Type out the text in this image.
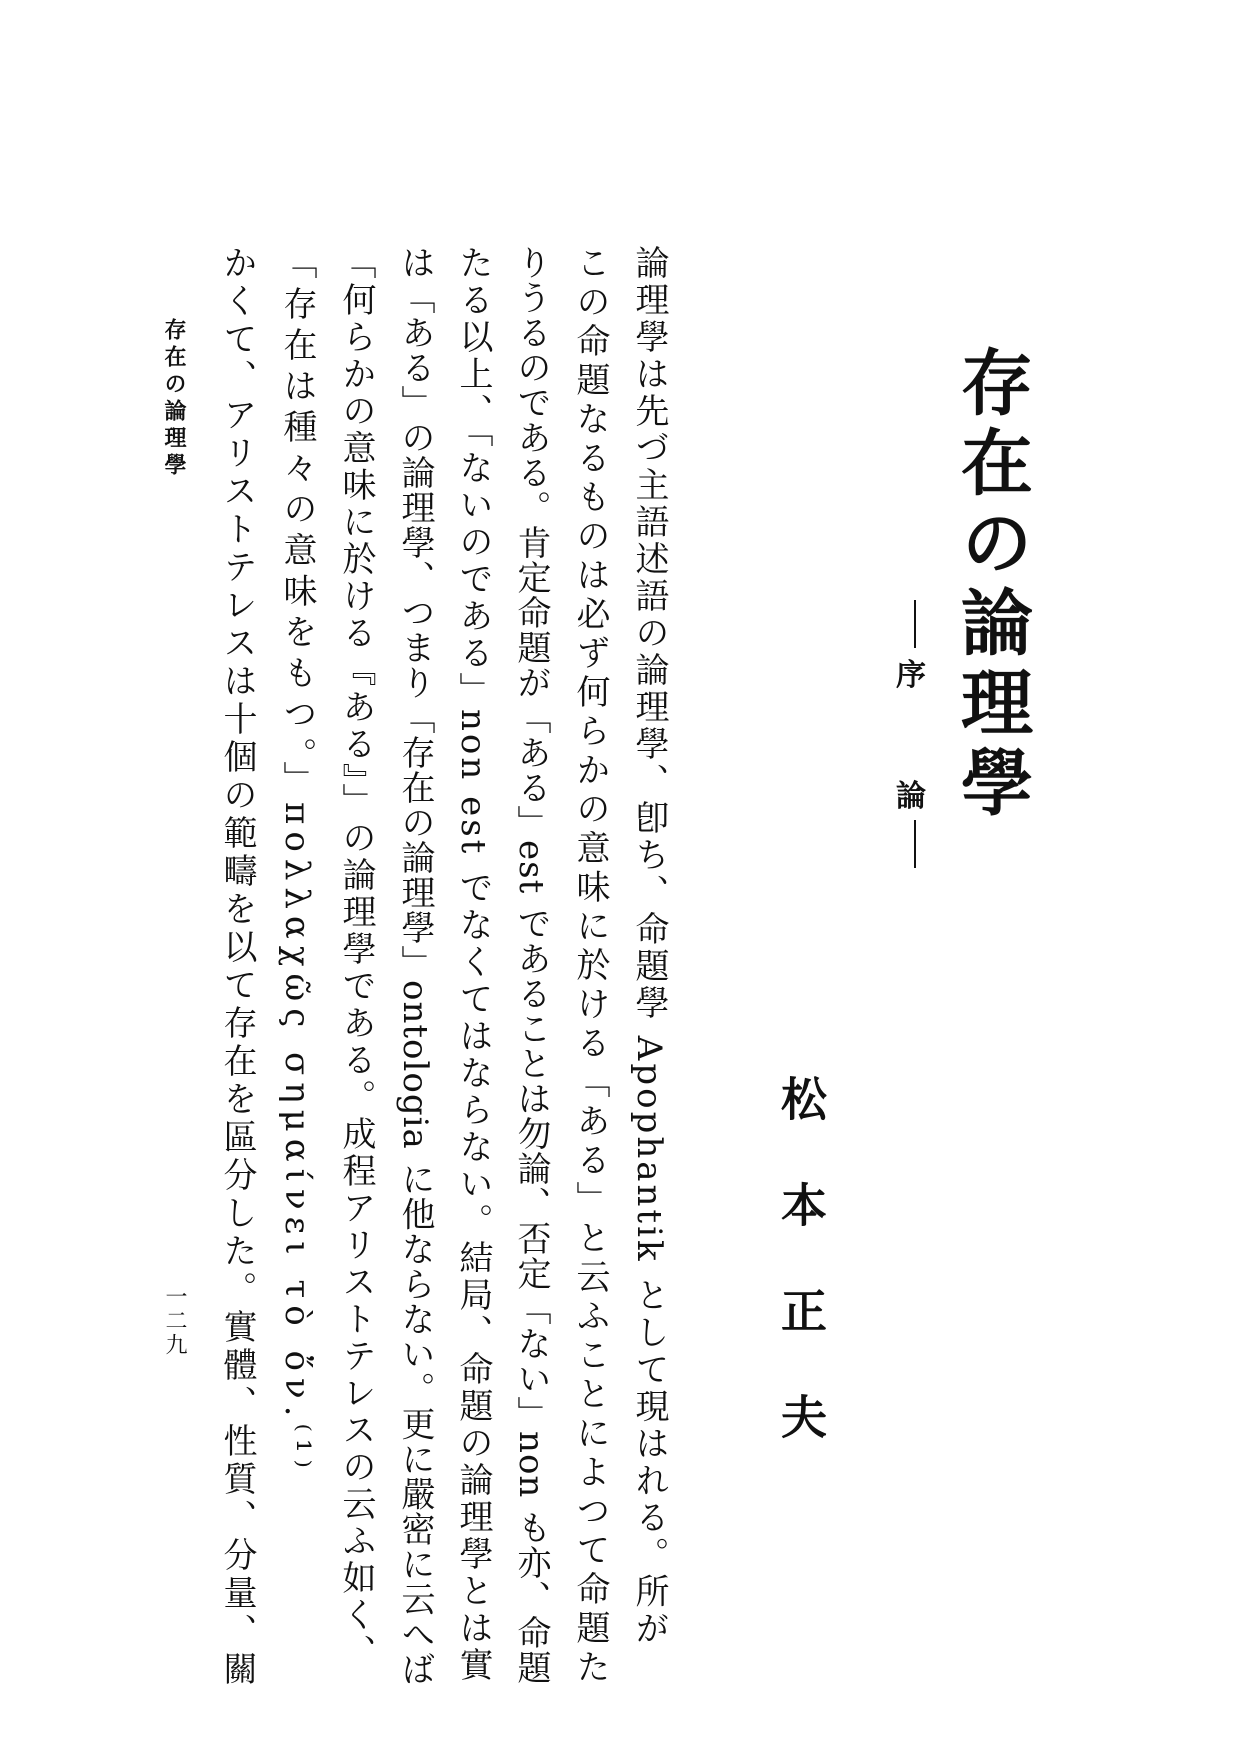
存在の論理學
序  論
松本正夫
論理學は先づ主語述語の論理學、卽ち、命題學 Apophantik として現はれる。所が
この命題なるものは必ず何らかの意味に於ける「ある」と云ふことによつて命題た
りうるのである。肯定命題が「ある」est であることは勿論、否定「ない」non も亦、命題
たる以上、「ないのである」non est でなくてはならない。結局、命題の論理學とは實
は「ある」の論理學、つまり「存在の論理學」ontologia に他ならない。更に嚴密に云へば
「何らかの意味に於ける『ある』」の論理學である。成程アリストテレスの云ふ如く、
「存在は種々の意味をもつ。」πολλαχῶς σημαίνει τὸ ὄν.⁽¹⁾
かくて、アリストテレスは十個の範疇を以て存在を區分した。實體、性質、分量、關
存在の論理學
一二九
